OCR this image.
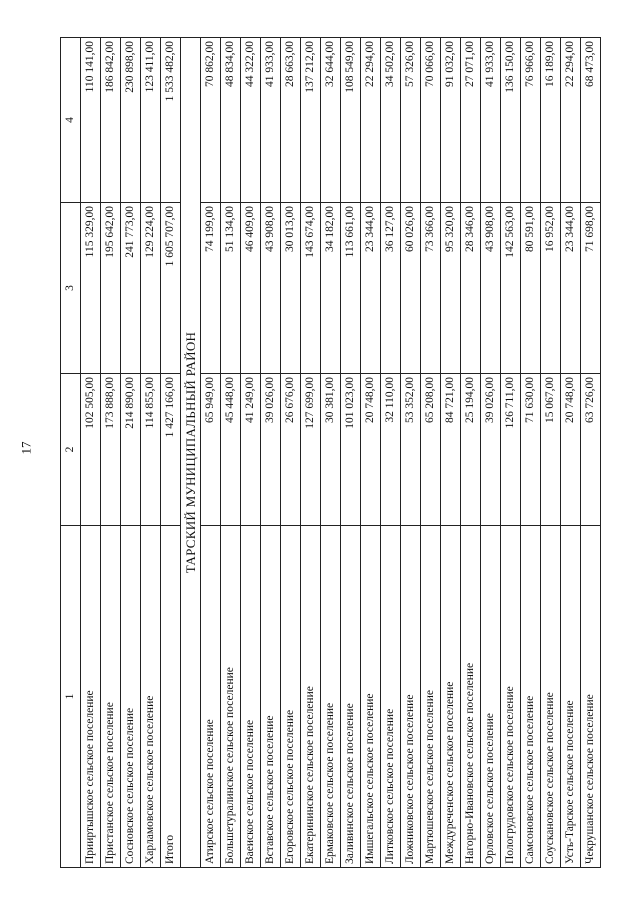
17
1	2	3	4
Прииртышское сельское поселение	102 505,00	115 329,00	110 141,00
Пристанское сельское поселение	173 888,00	195 642,00	186 842,00
Сосновское сельское поселение	214 890,00	241 773,00	230 898,00
Харламовское сельское поселение	114 855,00	129 224,00	123 411,00
Итого	1 427 166,00	1 605 707,00	1 533 482,00
ТАРСКИЙ МУНИЦИПАЛЬНЫЙ РАЙОН			
Атирское сельское поселение	65 949,00	74 199,00	70 862,00
Большетуралинское сельское поселение	45 448,00	51 134,00	48 834,00
Ваеиское сельское поселение	41 249,00	46 409,00	44 322,00
Вставское сельское поселение	39 026,00	43 908,00	41 933,00
Егоровское сельское поселение	26 676,00	30 013,00	28 663,00
Екатерининское сельское поселение	127 699,00	143 674,00	137 212,00
Ермаковское сельское поселение	30 381,00	34 182,00	32 644,00
Заливинское сельское поселение	101 023,00	113 661,00	108 549,00
Имшегальское сельское поселение	20 748,00	23 344,00	22 294,00
Литковское сельское поселение	32 110,00	36 127,00	34 502,00
Ложниковское сельское поселение	53 352,00	60 026,00	57 326,00
Мартюшевское сельское поселение	65 208,00	73 366,00	70 066,00
Междуреченское сельское поселение	84 721,00	95 320,00	91 032,00
Нагорно-Ивановское сельское поселение	25 194,00	28 346,00	27 071,00
Орловское сельское поселение	39 026,00	43 908,00	41 933,00
Пологрудовское сельское поселение	126 711,00	142 563,00	136 150,00
Самсоновское сельское поселение	71 630,00	80 591,00	76 966,00
Соускановское сельское поселение	15 067,00	16 952,00	16 189,00
Усть-Тарское сельское поселение	20 748,00	23 344,00	22 294,00
Чекрушанское сельское поселение	63 726,00	71 698,00	68 473,00
